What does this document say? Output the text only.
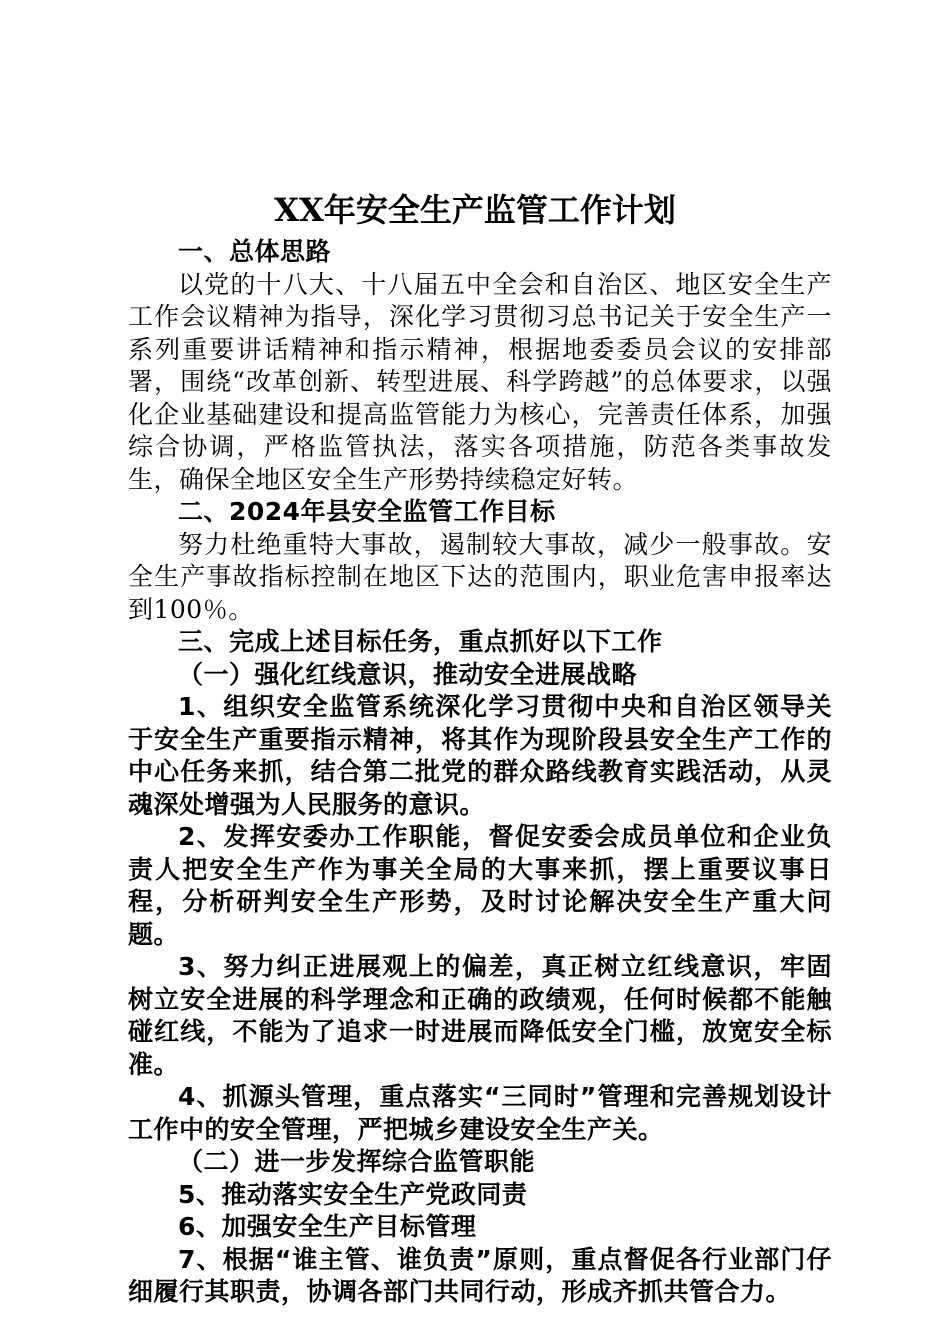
XX年安全生产监管工作计划

一、总体思路

以党的十八大、十八届五中全会和自治区、地区安全生产工作会议精神为指导，深化学习贯彻习总书记关于安全生产一系列重要讲话精神和指示精神，根据地委委员会议的安排部署，围绕“改革创新、转型进展、科学跨越”的总体要求，以强化企业基础建设和提高监管能力为核心，完善责任体系，加强综合协调，严格监管执法，落实各项措施，防范各类事故发生，确保全地区安全生产形势持续稳定好转。

二、2024年县安全监管工作目标

努力杜绝重特大事故，遏制较大事故，减少一般事故。安全生产事故指标控制在地区下达的范围内，职业危害申报率达到100％。

三、完成上述目标任务，重点抓好以下工作

（一）强化红线意识，推动安全进展战略

1、组织安全监管系统深化学习贯彻中央和自治区领导关于安全生产重要指示精神，将其作为现阶段县安全生产工作的中心任务来抓，结合第二批党的群众路线教育实践活动，从灵魂深处增强为人民服务的意识。

2、发挥安委办工作职能，督促安委会成员单位和企业负责人把安全生产作为事关全局的大事来抓，摆上重要议事日程，分析研判安全生产形势，及时讨论解决安全生产重大问题。

3、努力纠正进展观上的偏差，真正树立红线意识，牢固树立安全进展的科学理念和正确的政绩观，任何时候都不能触碰红线，不能为了追求一时进展而降低安全门槛，放宽安全标准。

4、抓源头管理，重点落实“三同时”管理和完善规划设计工作中的安全管理，严把城乡建设安全生产关。

（二）进一步发挥综合监管职能

5、推动落实安全生产党政同责

6、加强安全生产目标管理

7、根据“谁主管、谁负责”原则，重点督促各行业部门仔细履行其职责，协调各部门共同行动，形成齐抓共管合力。
